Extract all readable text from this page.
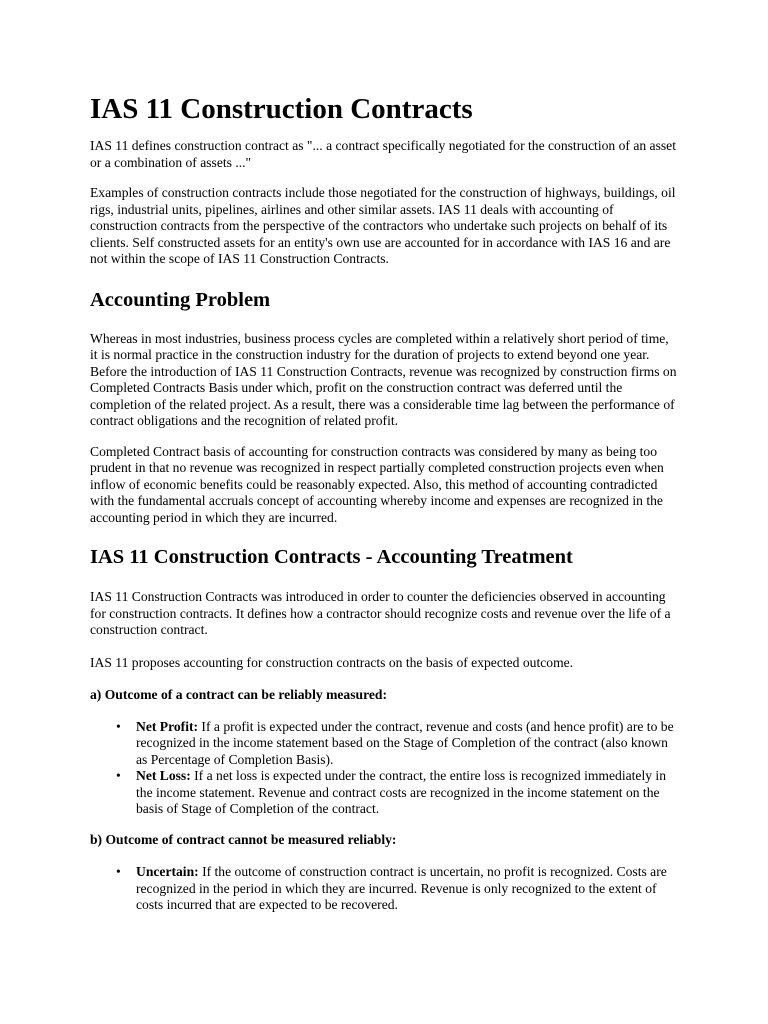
IAS 11 Construction Contracts

IAS 11 defines construction contract as "... a contract specifically negotiated for the construction of an asset or a combination of assets ..."

Examples of construction contracts include those negotiated for the construction of highways, buildings, oil rigs, industrial units, pipelines, airlines and other similar assets. IAS 11 deals with accounting of construction contracts from the perspective of the contractors who undertake such projects on behalf of its clients. Self constructed assets for an entity's own use are accounted for in accordance with IAS 16 and are not within the scope of IAS 11 Construction Contracts.

Accounting Problem

Whereas in most industries, business process cycles are completed within a relatively short period of time, it is normal practice in the construction industry for the duration of projects to extend beyond one year. Before the introduction of IAS 11 Construction Contracts, revenue was recognized by construction firms on Completed Contracts Basis under which, profit on the construction contract was deferred until the completion of the related project. As a result, there was a considerable time lag between the performance of contract obligations and the recognition of related profit.

Completed Contract basis of accounting for construction contracts was considered by many as being too prudent in that no revenue was recognized in respect partially completed construction projects even when inflow of economic benefits could be reasonably expected. Also, this method of accounting contradicted with the fundamental accruals concept of accounting whereby income and expenses are recognized in the accounting period in which they are incurred.

IAS 11 Construction Contracts - Accounting Treatment

IAS 11 Construction Contracts was introduced in order to counter the deficiencies observed in accounting for construction contracts. It defines how a contractor should recognize costs and revenue over the life of a construction contract.

IAS 11 proposes accounting for construction contracts on the basis of expected outcome.

a) Outcome of a contract can be reliably measured:

• Net Profit: If a profit is expected under the contract, revenue and costs (and hence profit) are to be recognized in the income statement based on the Stage of Completion of the contract (also known as Percentage of Completion Basis).
• Net Loss: If a net loss is expected under the contract, the entire loss is recognized immediately in the income statement. Revenue and contract costs are recognized in the income statement on the basis of Stage of Completion of the contract.

b) Outcome of contract cannot be measured reliably:

• Uncertain: If the outcome of construction contract is uncertain, no profit is recognized. Costs are recognized in the period in which they are incurred. Revenue is only recognized to the extent of costs incurred that are expected to be recovered.
